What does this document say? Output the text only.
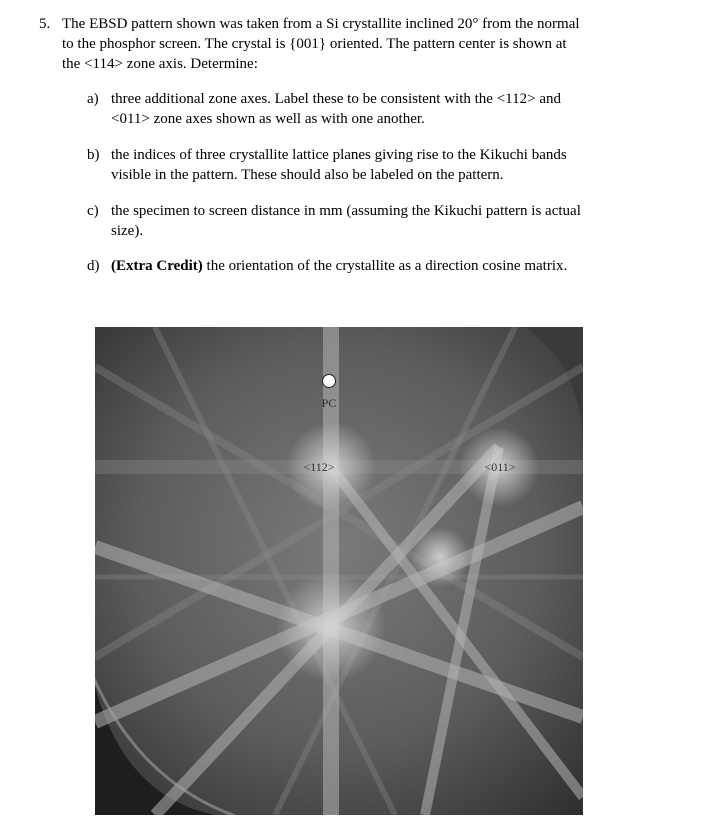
5. The EBSD pattern shown was taken from a Si crystallite inclined 20° from the normal
to the phosphor screen. The crystal is {001} oriented. The pattern center is shown at
the <114> zone axis. Determine:
a) three additional zone axes. Label these to be consistent with the <112> and
<011> zone axes shown as well as with one another.
b) the indices of three crystallite lattice planes giving rise to the Kikuchi bands
visible in the pattern. These should also be labeled on the pattern.
c) the specimen to screen distance in mm (assuming the Kikuchi pattern is actual
size).
d) (Extra Credit) the orientation of the crystallite as a direction cosine matrix.
PC
<112>	<011>
